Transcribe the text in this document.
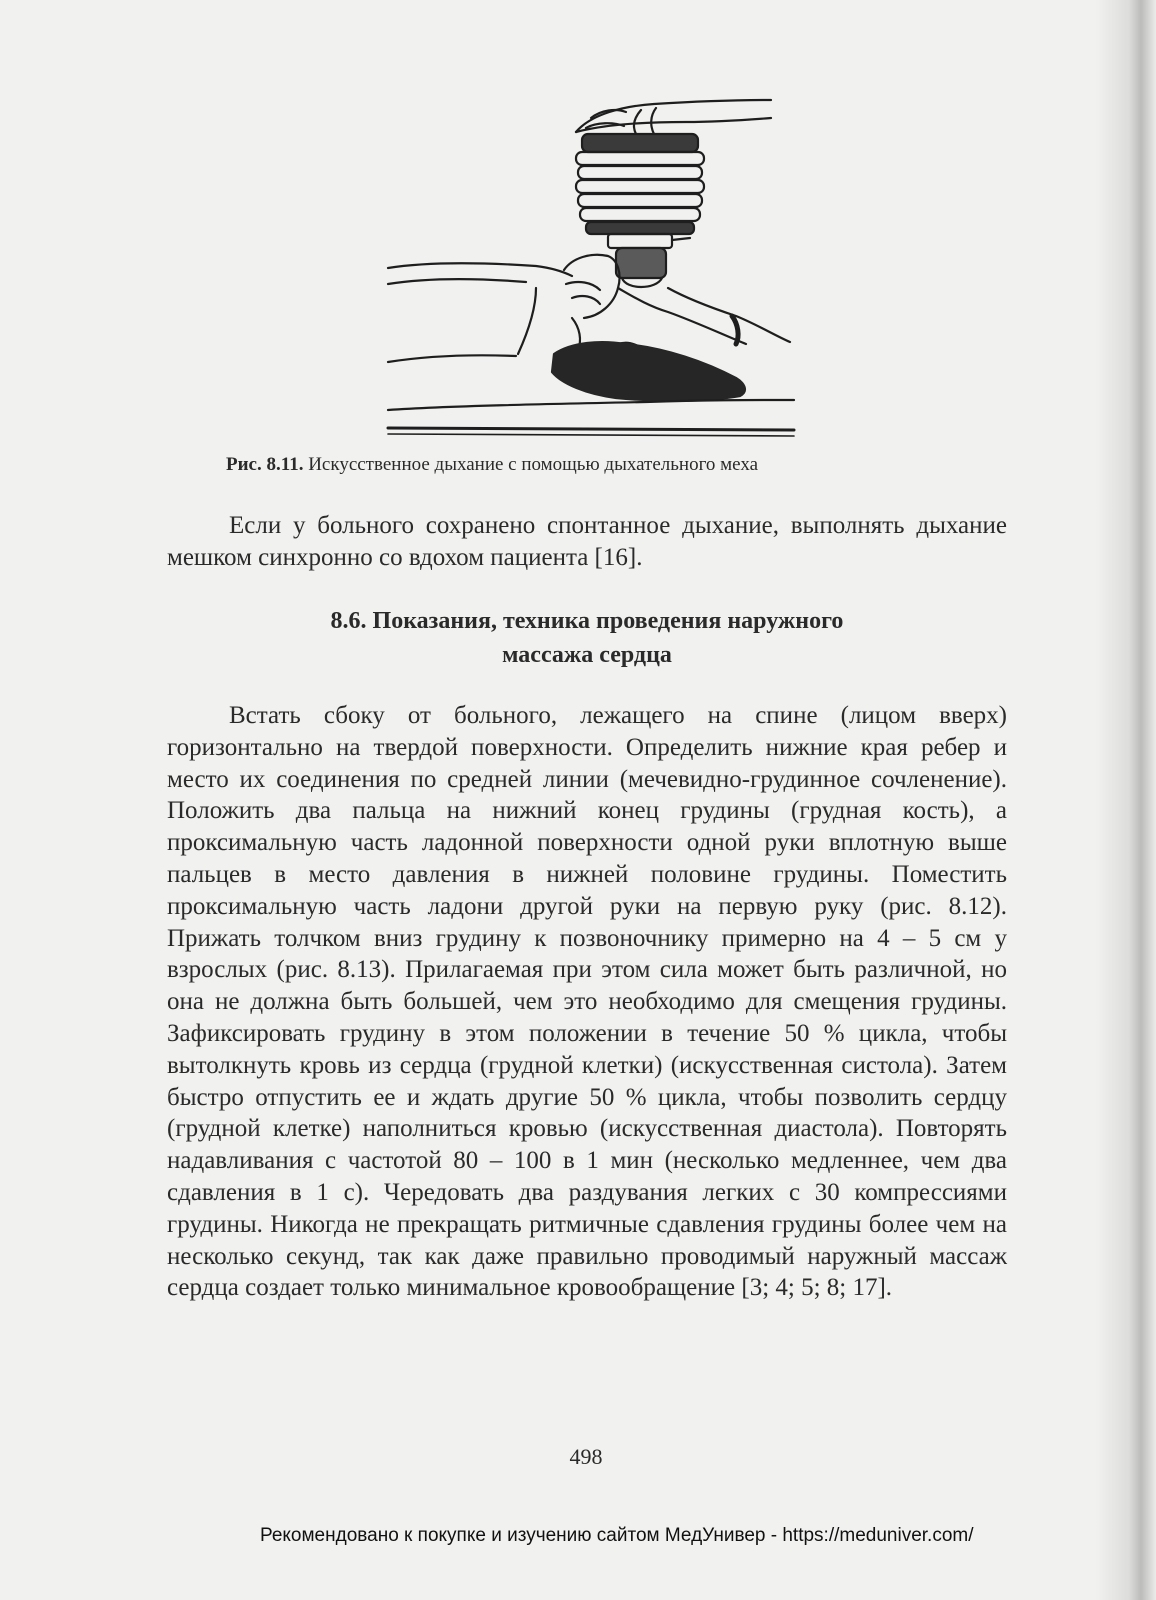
Рис. 8.11. Искусственное дыхание с помощью дыхательного меха

Если у больного сохранено спонтанное дыхание, выполнять дыхание мешком синхронно со вдохом пациента [16].

8.6. Показания, техника проведения наружного
массажа сердца

Встать сбоку от больного, лежащего на спине (лицом вверх) горизонтально на твердой поверхности. Определить нижние края ребер и место их соединения по средней линии (мечевидно-грудинное сочленение). Положить два пальца на нижний конец грудины (грудная кость), а проксимальную часть ладонной поверхности одной руки вплотную выше пальцев в место давления в нижней половине грудины. Поместить проксимальную часть ладони другой руки на первую руку (рис. 8.12). Прижать толчком вниз грудину к позвоночнику примерно на 4 – 5 см у взрослых (рис. 8.13). Прилагаемая при этом сила может быть различной, но она не должна быть большей, чем это необходимо для смещения грудины. Зафиксировать грудину в этом положении в течение 50 % цикла, чтобы вытолкнуть кровь из сердца (грудной клетки) (искусственная систола). Затем быстро отпустить ее и ждать другие 50 % цикла, чтобы позволить сердцу (грудной клетке) наполниться кровью (искусственная диастола). Повторять надавливания с частотой 80 – 100 в 1 мин (несколько медленнее, чем два сдавления в 1 с). Чередовать два раздувания легких с 30 компрессиями грудины. Никогда не прекращать ритмичные сдавления грудины более чем на несколько секунд, так как даже правильно проводимый наружный массаж сердца создает только минимальное кровообращение [3; 4; 5; 8; 17].

498
Рекомендовано к покупке и изучению сайтом МедУнивер - https://meduniver.com/
